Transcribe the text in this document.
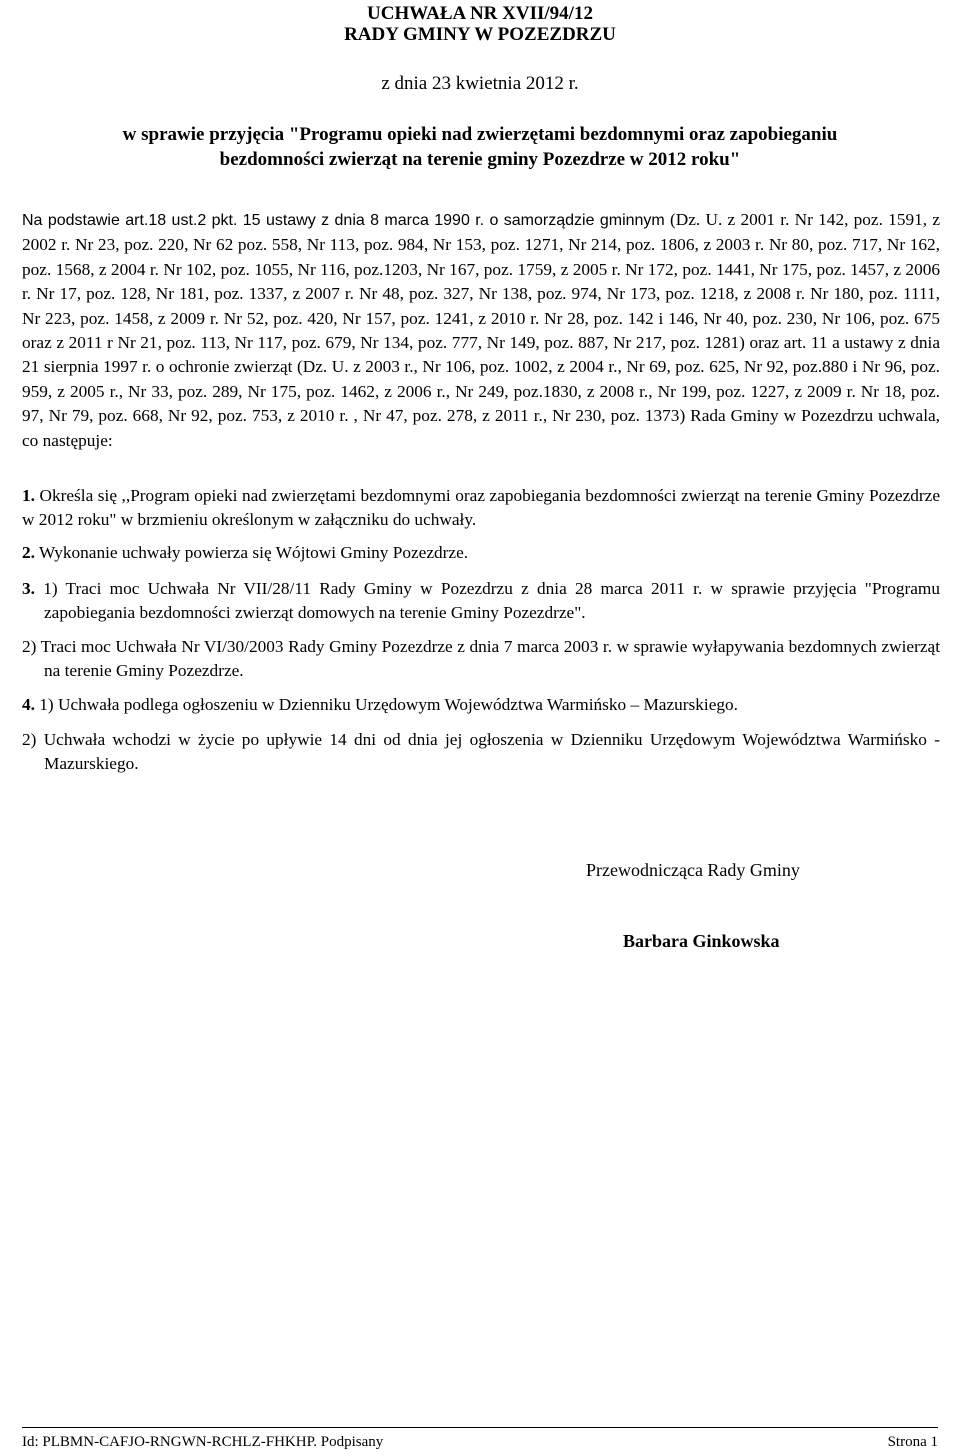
UCHWAŁA NR XVII/94/12
RADY GMINY W POZEZDRZU
z dnia 23 kwietnia 2012 r.
w sprawie przyjęcia "Programu opieki nad zwierzętami bezdomnymi oraz zapobieganiu bezdomności zwierząt na terenie gminy Pozezdrze w 2012 roku"
Na podstawie art.18 ust.2 pkt. 15 ustawy z dnia 8 marca 1990 r. o samorządzie gminnym (Dz. U. z 2001 r. Nr 142, poz. 1591, z 2002 r. Nr 23, poz. 220, Nr 62 poz. 558, Nr 113, poz. 984, Nr 153, poz. 1271, Nr 214, poz. 1806, z 2003 r. Nr 80, poz. 717, Nr 162, poz. 1568, z 2004 r. Nr 102, poz. 1055, Nr 116, poz.1203, Nr 167, poz. 1759, z 2005 r. Nr 172, poz. 1441, Nr 175, poz. 1457, z 2006 r. Nr 17, poz. 128, Nr 181, poz. 1337, z 2007 r. Nr 48, poz. 327, Nr 138, poz. 974, Nr 173, poz. 1218, z 2008 r. Nr 180, poz. 1111, Nr 223, poz. 1458, z 2009 r. Nr 52, poz. 420, Nr 157, poz. 1241, z 2010 r. Nr 28, poz. 142 i 146, Nr 40, poz. 230, Nr 106, poz. 675 oraz z 2011 r Nr 21, poz. 113, Nr 117, poz. 679, Nr 134, poz. 777, Nr 149, poz. 887, Nr 217, poz. 1281) oraz art. 11 a ustawy z dnia 21 sierpnia 1997 r. o ochronie zwierząt (Dz. U. z 2003 r., Nr 106, poz. 1002, z 2004 r., Nr 69, poz. 625, Nr 92, poz.880 i Nr 96, poz. 959, z 2005 r., Nr 33, poz. 289, Nr 175, poz. 1462, z 2006 r., Nr 249, poz.1830, z 2008 r., Nr 199, poz. 1227, z 2009 r. Nr 18, poz. 97, Nr 79, poz. 668, Nr 92, poz. 753, z 2010 r. , Nr 47, poz. 278, z 2011 r., Nr 230, poz. 1373) Rada Gminy w Pozezdrzu uchwala, co następuje:
1. Określa się ,,Program opieki nad zwierzętami bezdomnymi oraz zapobiegania bezdomności zwierząt na terenie Gminy Pozezdrze w 2012 roku" w brzmieniu określonym w załączniku do uchwały.
2. Wykonanie uchwały powierza się Wójtowi Gminy Pozezdrze.
3. 1) Traci moc Uchwała Nr VII/28/11 Rady Gminy w Pozezdrzu z dnia 28 marca 2011 r. w sprawie przyjęcia "Programu zapobiegania bezdomności zwierząt domowych na terenie Gminy Pozezdrze".
2) Traci moc Uchwała Nr VI/30/2003 Rady Gminy Pozezdrze z dnia 7 marca 2003 r. w sprawie wyłapywania bezdomnych zwierząt na terenie Gminy Pozezdrze.
4. 1) Uchwała podlega ogłoszeniu w Dzienniku Urzędowym Województwa Warmińsko – Mazurskiego.
2) Uchwała wchodzi w życie po upływie 14 dni od dnia jej ogłoszenia w Dzienniku Urzędowym Województwa Warmińsko - Mazurskiego.
Przewodnicząca Rady Gminy
Barbara Ginkowska
Id: PLBMN-CAFJO-RNGWN-RCHLZ-FHKHP. Podpisany	Strona 1
